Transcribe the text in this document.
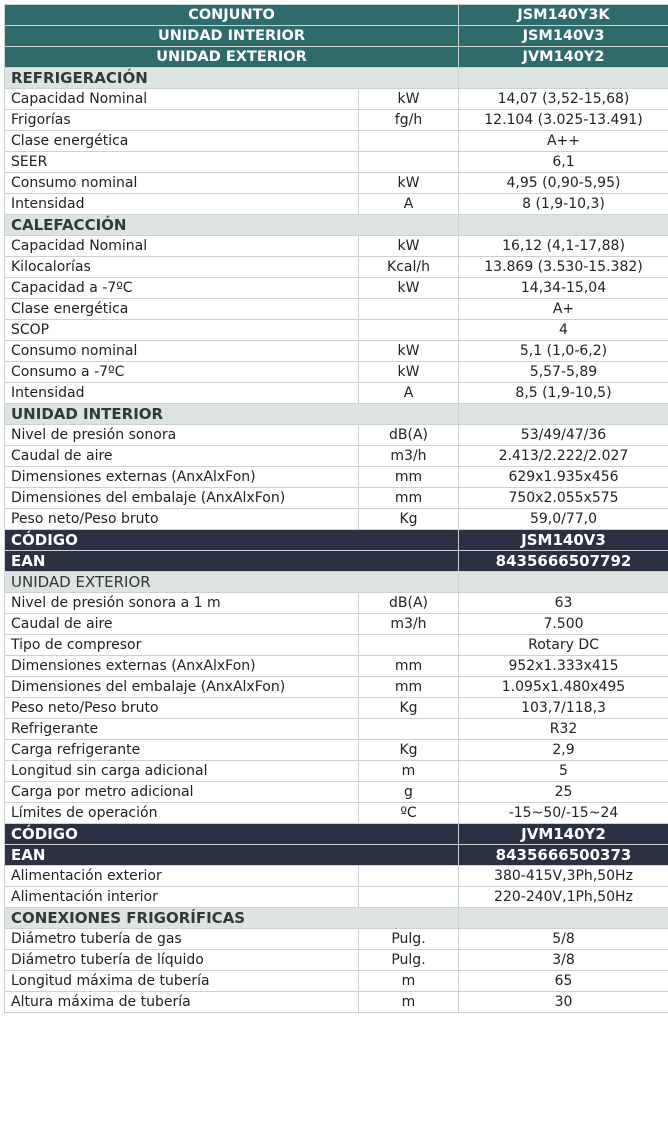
CONJUNTO		JSM140Y3K
UNIDAD INTERIOR		JSM140V3
UNIDAD EXTERIOR		JVM140Y2
REFRIGERACIÓN		
Capacidad Nominal	kW	14,07 (3,52-15,68)
Frigorías	fg/h	12.104 (3.025-13.491)
Clase energética		A++
SEER		6,1
Consumo nominal	kW	4,95 (0,90-5,95)
Intensidad	A	8 (1,9-10,3)
CALEFACCIÓN		
Capacidad Nominal	kW	16,12 (4,1-17,88)
Kilocalorías	Kcal/h	13.869 (3.530-15.382)
Capacidad a -7ºC	kW	14,34-15,04
Clase energética		A+
SCOP		4
Consumo nominal	kW	5,1 (1,0-6,2)
Consumo a -7ºC	kW	5,57-5,89
Intensidad	A	8,5 (1,9-10,5)
UNIDAD INTERIOR		
Nivel de presión sonora	dB(A)	53/49/47/36
Caudal de aire	m3/h	2.413/2.222/2.027
Dimensiones externas (AnxAlxFon)	mm	629x1.935x456
Dimensiones del embalaje (AnxAlxFon)	mm	750x2.055x575
Peso neto/Peso bruto	Kg	59,0/77,0
CÓDIGO		JSM140V3
EAN		8435666507792
UNIDAD EXTERIOR		
Nivel de presión sonora a 1 m	dB(A)	63
Caudal de aire	m3/h	7.500
Tipo de compresor		Rotary DC
Dimensiones externas (AnxAlxFon)	mm	952x1.333x415
Dimensiones del embalaje (AnxAlxFon)	mm	1.095x1.480x495
Peso neto/Peso bruto	Kg	103,7/118,3
Refrigerante		R32
Carga refrigerante	Kg	2,9
Longitud sin carga adicional	m	5
Carga por metro adicional	g	25
Límites de operación	ºC	-15~50/-15~24
CÓDIGO		JVM140Y2
EAN		8435666500373
Alimentación exterior		380-415V,3Ph,50Hz
Alimentación interior		220-240V,1Ph,50Hz
CONEXIONES FRIGORÍFICAS		
Diámetro tubería de gas	Pulg.	5/8
Diámetro tubería de líquido	Pulg.	3/8
Longitud máxima de tubería	m	65
Altura máxima de tubería	m	30
